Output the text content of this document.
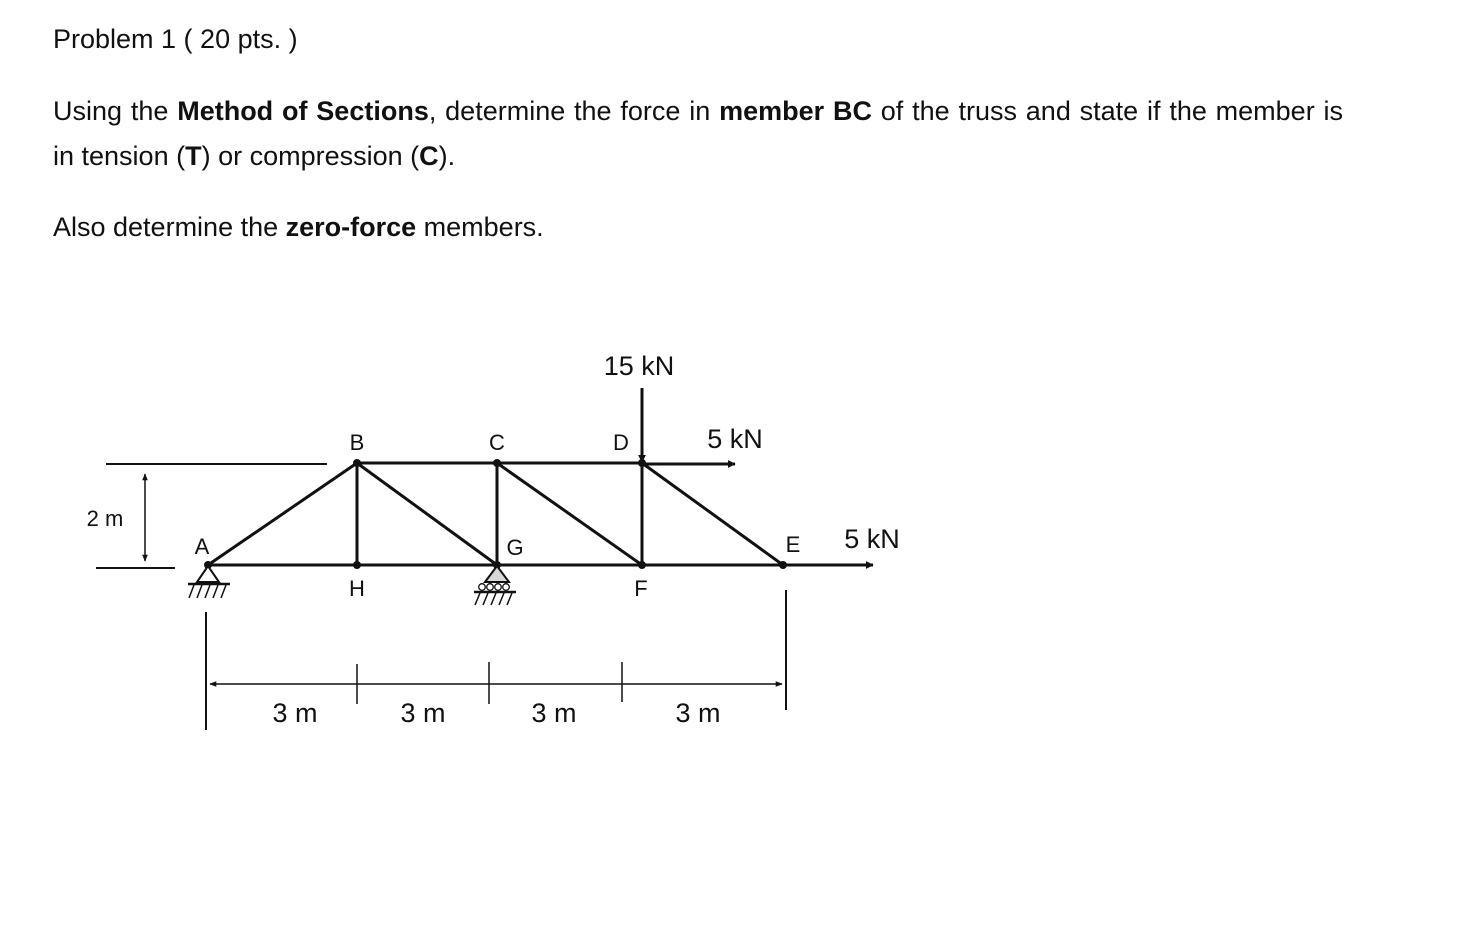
Problem 1 ( 20 pts. )

Using the Method of Sections, determine the force in member BC of the truss and state if the member is in tension (T) or compression (C).

Also determine the zero-force members.

A
B	C	D
E
F
G
H
15 kN
5 kN
5 kN
2 m
3 m	3 m	3 m	3 m
